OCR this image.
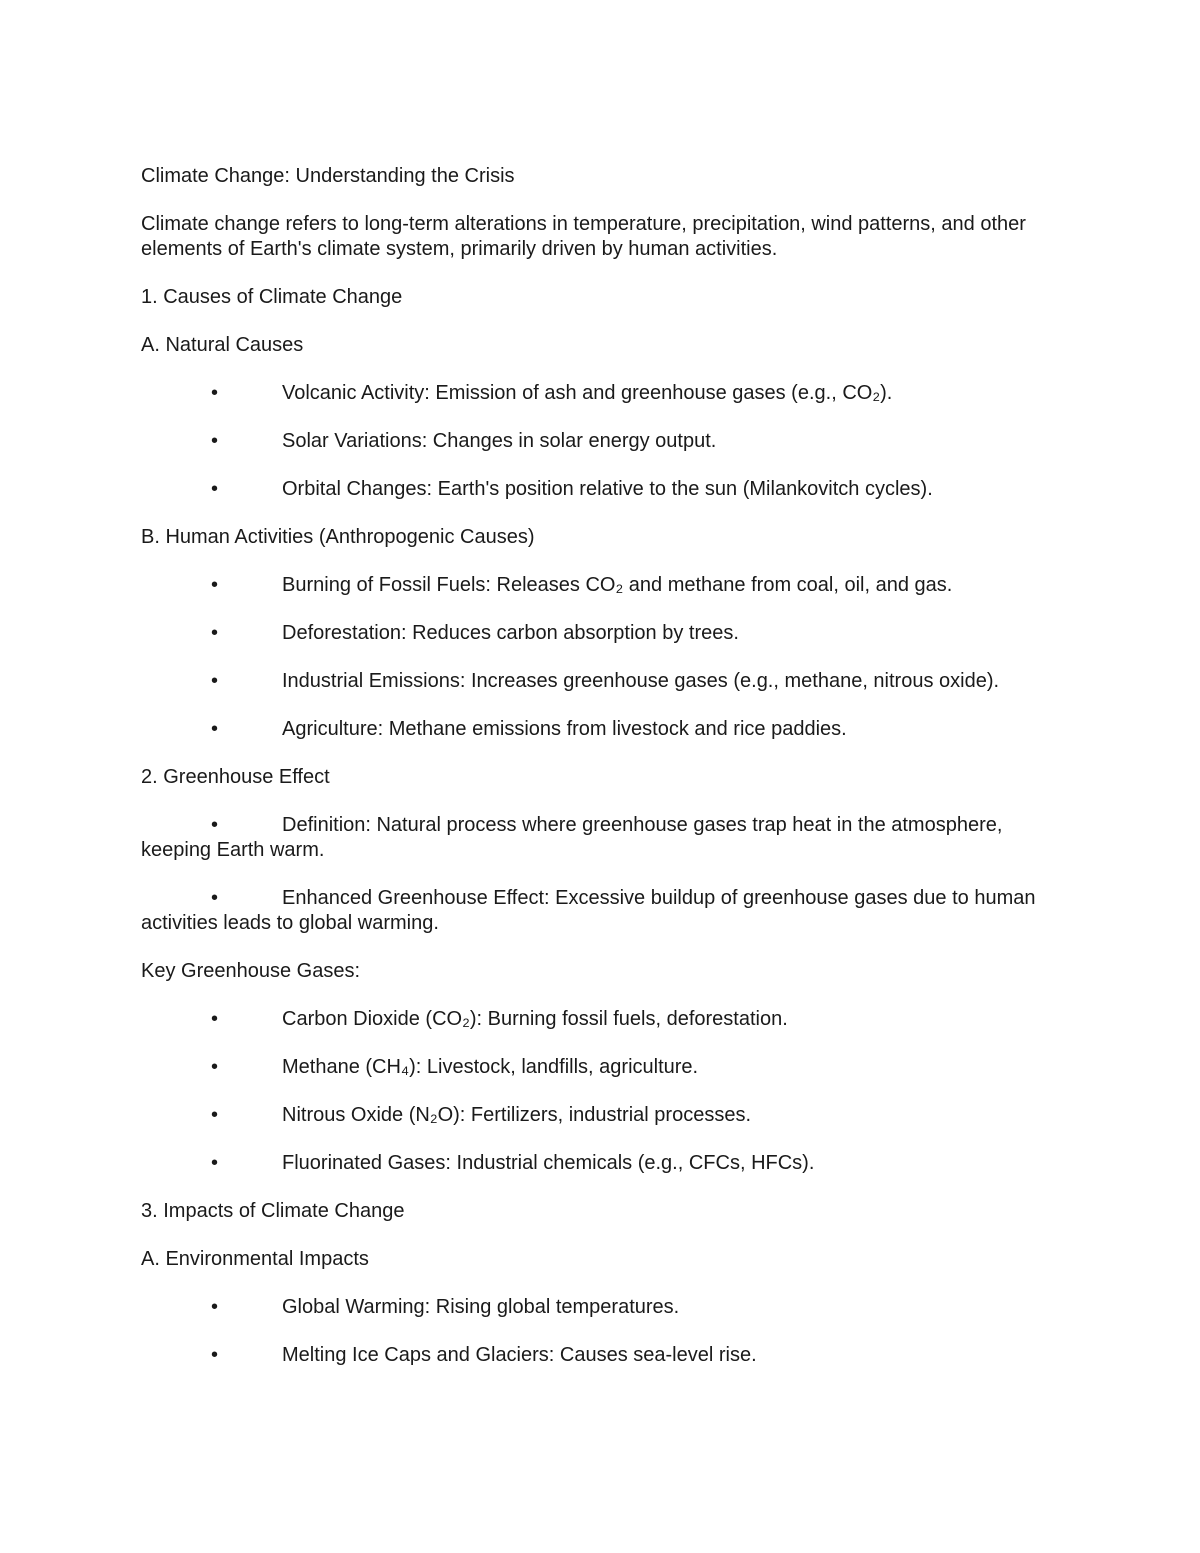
Climate Change: Understanding the Crisis

Climate change refers to long-term alterations in temperature, precipitation, wind patterns, and other elements of Earth's climate system, primarily driven by human activities.

1. Causes of Climate Change

A. Natural Causes

•	Volcanic Activity: Emission of ash and greenhouse gases (e.g., CO₂).
•	Solar Variations: Changes in solar energy output.
•	Orbital Changes: Earth's position relative to the sun (Milankovitch cycles).

B. Human Activities (Anthropogenic Causes)

•	Burning of Fossil Fuels: Releases CO₂ and methane from coal, oil, and gas.
•	Deforestation: Reduces carbon absorption by trees.
•	Industrial Emissions: Increases greenhouse gases (e.g., methane, nitrous oxide).
•	Agriculture: Methane emissions from livestock and rice paddies.

2. Greenhouse Effect

•	Definition: Natural process where greenhouse gases trap heat in the atmosphere, keeping Earth warm.
•	Enhanced Greenhouse Effect: Excessive buildup of greenhouse gases due to human activities leads to global warming.

Key Greenhouse Gases:

•	Carbon Dioxide (CO₂): Burning fossil fuels, deforestation.
•	Methane (CH₄): Livestock, landfills, agriculture.
•	Nitrous Oxide (N₂O): Fertilizers, industrial processes.
•	Fluorinated Gases: Industrial chemicals (e.g., CFCs, HFCs).

3. Impacts of Climate Change

A. Environmental Impacts

•	Global Warming: Rising global temperatures.
•	Melting Ice Caps and Glaciers: Causes sea-level rise.
